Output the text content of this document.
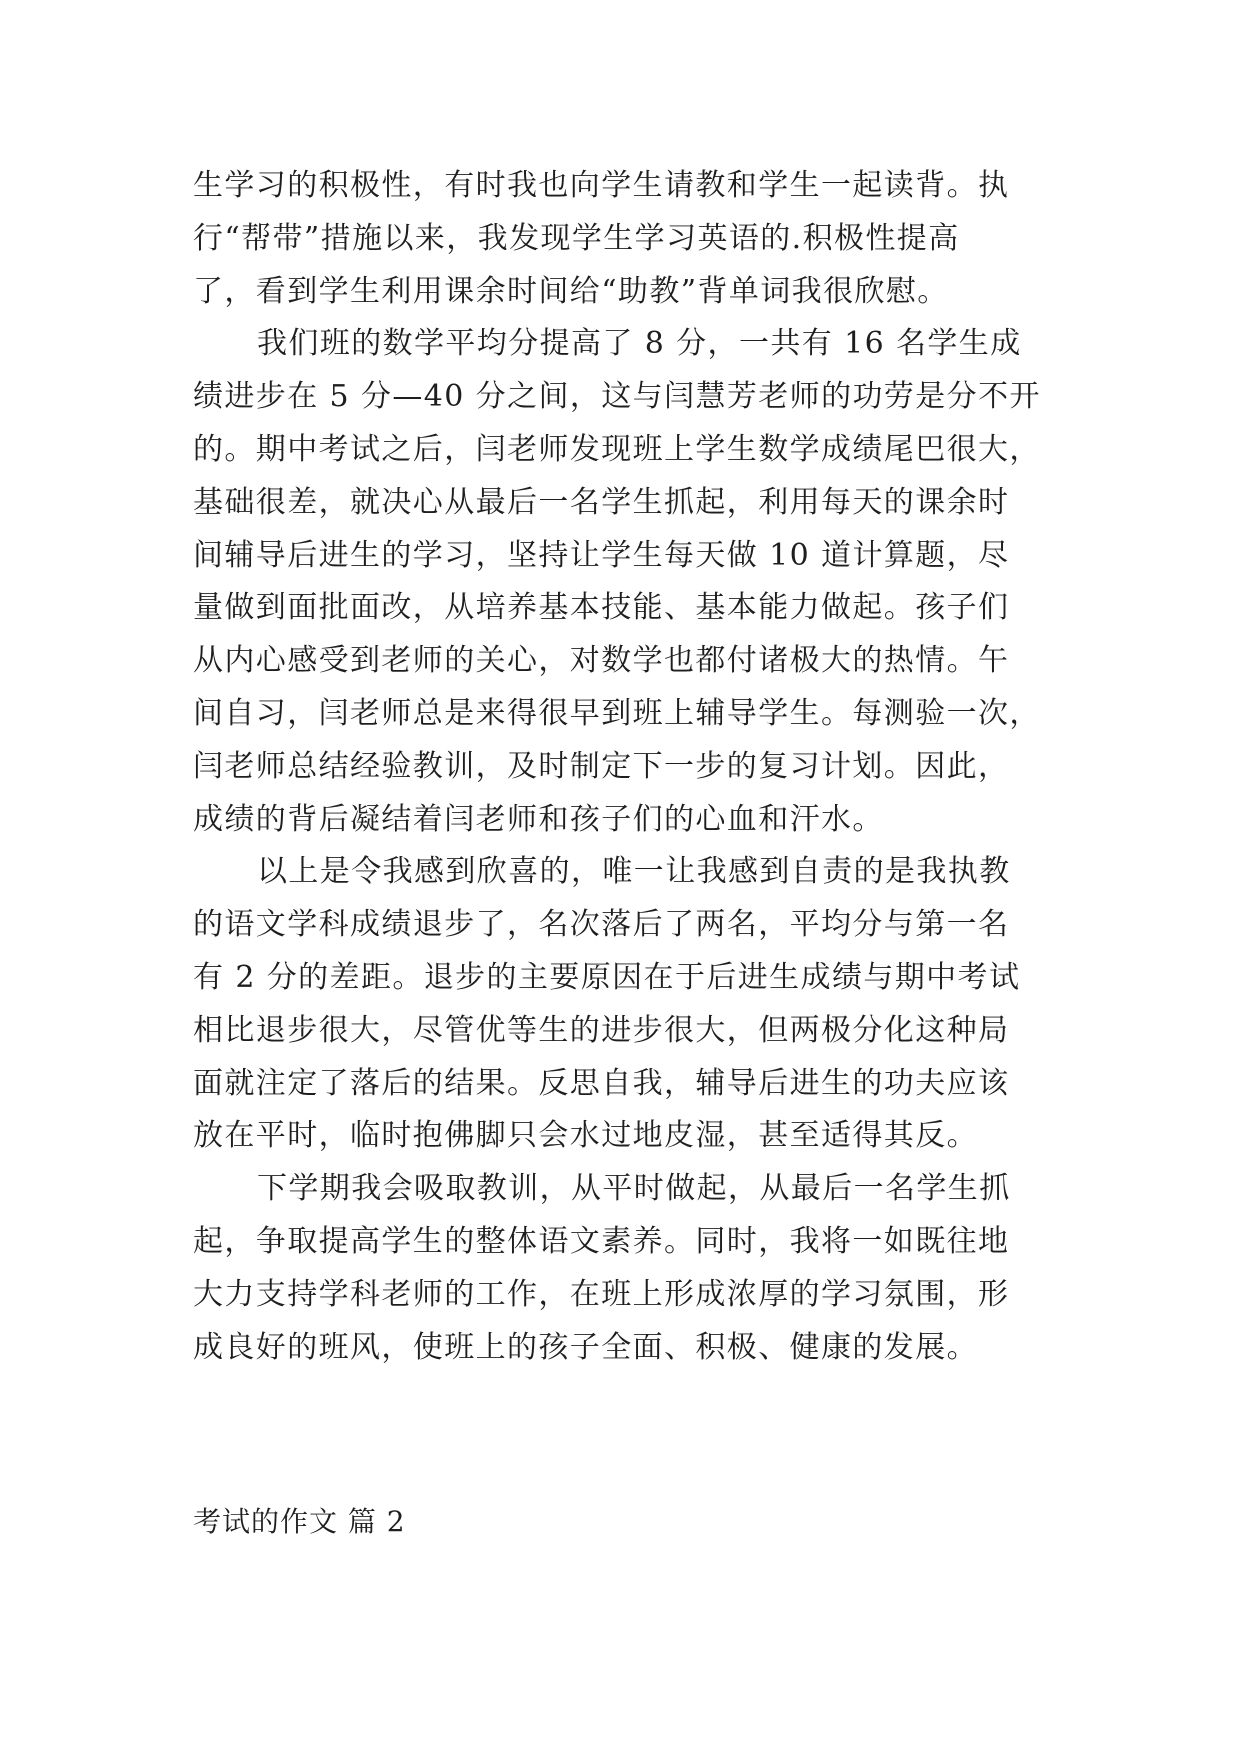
生学习的积极性，有时我也向学生请教和学生一起读背。执
行“帮带”措施以来，我发现学生学习英语的.积极性提高
了，看到学生利用课余时间给“助教”背单词我很欣慰。
我们班的数学平均分提高了 8 分，一共有 16 名学生成
绩进步在 5 分—40 分之间，这与闫慧芳老师的功劳是分不开
的。期中考试之后，闫老师发现班上学生数学成绩尾巴很大，
基础很差，就决心从最后一名学生抓起，利用每天的课余时
间辅导后进生的学习，坚持让学生每天做 10 道计算题，尽
量做到面批面改，从培养基本技能、基本能力做起。孩子们
从内心感受到老师的关心，对数学也都付诸极大的热情。午
间自习，闫老师总是来得很早到班上辅导学生。每测验一次，
闫老师总结经验教训，及时制定下一步的复习计划。因此，
成绩的背后凝结着闫老师和孩子们的心血和汗水。
以上是令我感到欣喜的，唯一让我感到自责的是我执教
的语文学科成绩退步了，名次落后了两名，平均分与第一名
有 2 分的差距。退步的主要原因在于后进生成绩与期中考试
相比退步很大，尽管优等生的进步很大，但两极分化这种局
面就注定了落后的结果。反思自我，辅导后进生的功夫应该
放在平时，临时抱佛脚只会水过地皮湿，甚至适得其反。
下学期我会吸取教训，从平时做起，从最后一名学生抓
起，争取提高学生的整体语文素养。同时，我将一如既往地
大力支持学科老师的工作，在班上形成浓厚的学习氛围，形
成良好的班风，使班上的孩子全面、积极、健康的发展。
考试的作文 篇 2
